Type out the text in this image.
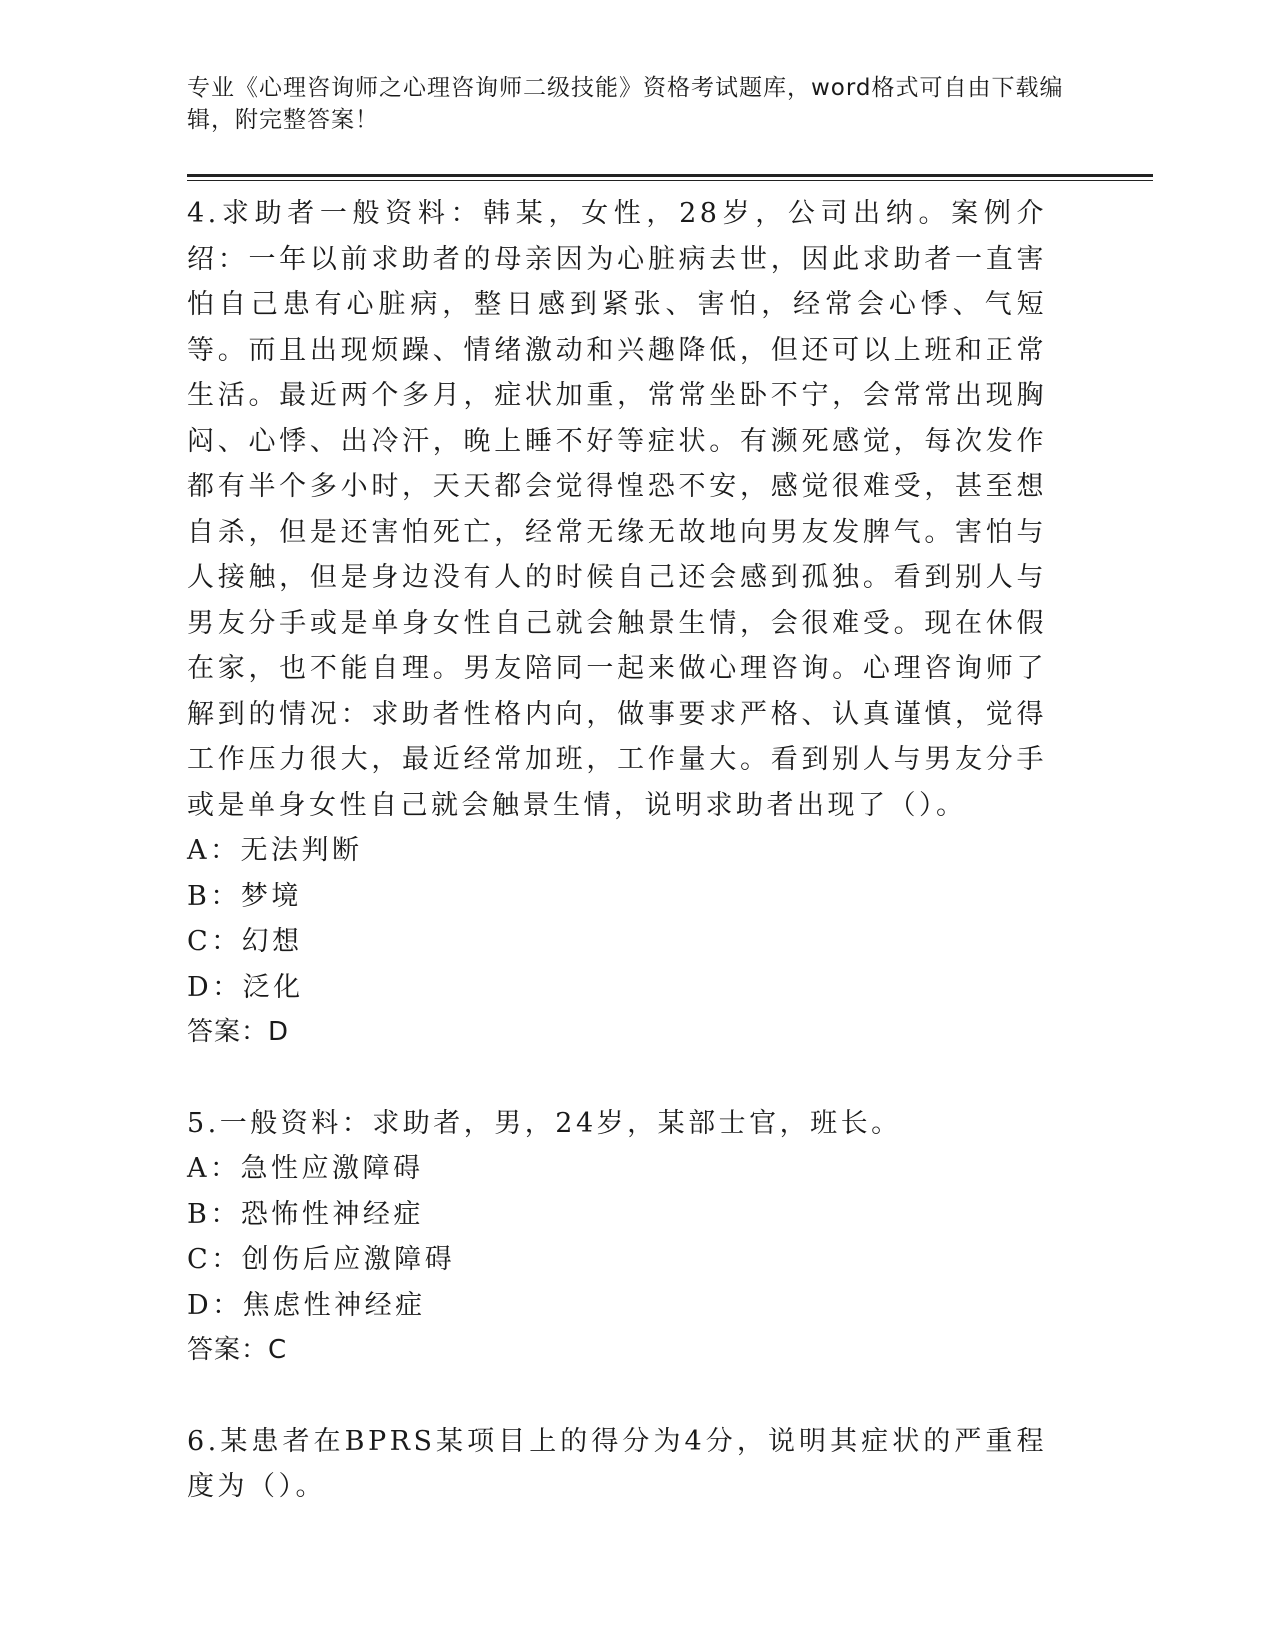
专业《心理咨询师之心理咨询师二级技能》资格考试题库，word格式可自由下载编辑，附完整答案！

4.求助者一般资料：韩某，女性，28岁，公司出纳。案例介绍：一年以前求助者的母亲因为心脏病去世，因此求助者一直害怕自己患有心脏病，整日感到紧张、害怕，经常会心悸、气短等。而且出现烦躁、情绪激动和兴趣降低，但还可以上班和正常生活。最近两个多月，症状加重，常常坐卧不宁，会常常出现胸闷、心悸、出冷汗，晚上睡不好等症状。有濒死感觉，每次发作都有半个多小时，天天都会觉得惶恐不安，感觉很难受，甚至想自杀，但是还害怕死亡，经常无缘无故地向男友发脾气。害怕与人接触，但是身边没有人的时候自己还会感到孤独。看到别人与男友分手或是单身女性自己就会触景生情，会很难受。现在休假在家，也不能自理。男友陪同一起来做心理咨询。心理咨询师了解到的情况：求助者性格内向，做事要求严格、认真谨慎，觉得工作压力很大，最近经常加班，工作量大。看到别人与男友分手或是单身女性自己就会触景生情，说明求助者出现了（）。

A：无法判断

B：梦境

C：幻想

D：泛化

答案：D

5.一般资料：求助者，男，24岁，某部士官，班长。

A：急性应激障碍

B：恐怖性神经症

C：创伤后应激障碍

D：焦虑性神经症

答案：C

6.某患者在BPRS某项目上的得分为4分，说明其症状的严重程度为（）。
